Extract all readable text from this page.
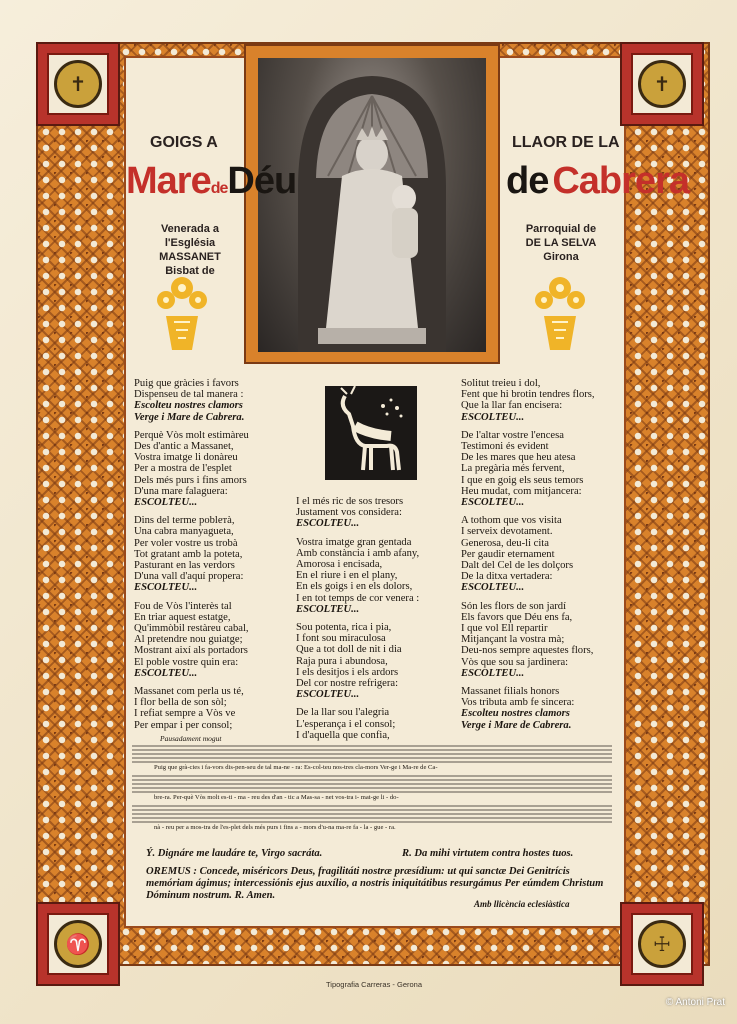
✝	✝
♈	☩
GOIGS A	LLAOR DE LA
MaredeDéu	de Cabrera
Venerada a l'Església
MASSANET
Bisbat de
Parroquial de
DE LA SELVA
Girona
Puig que gràcies i favors
Dispenseu de tal manera :
Escolteu nostres clamors
Verge i Mare de Cabrera.
Perquè Vòs molt estimàreu
Des d'antic a Massanet,
Vostra imatge li donàreu
Per a mostra de l'esplet
Dels més purs i fins amors
D'una mare falaguera:
ESCOLTEU...
Dins del terme poblетà,
Una cabra manyagueta,
Per voler vostre us trobà
Tot gratant amb la poteta,
Pasturant en las verdors
D'una vall d'aquí propera:
ESCOLTEU...
Fou de Vòs l'interès tal
En triar aquest estatge,
Qu'immòbil restàreu cabal,
Al pretendre nou guiatge;
Mostrant així als portadors
El poble vostre quin era:
ESCOLTEU...
Massanet com perla us té,
I flor bella de son sòl;
I refiat sempre a Vòs ve
Per empar i per consol;
I el més ric de sos tresors
Justament vos considera:
ESCOLTEU...
Vostra imatge gran gentada
Amb constància i amb afany,
Amorosa i encisada,
En el riure i en el plany,
En els goigs i en els dolors,
I en tot temps de cor venera :
ESCOLTEU...
Sou potenta, rica i pia,
I font sou miraculosa
Que a tot doll de nit i dia
Raja pura i abundosa,
I els desitjos i els ardors
Del cor nostre refrigera:
ESCOLTEU...
De la llar sou l'alegria
L'esperança i el consol;
I d'aquella que confia,
Solitut treieu i dol,
Fent que hi brotin tendres flors,
Que la llar fan encisera:
ESCOLTEU...
De l'altar vostre l'encesa
Testimoni és evident
De les mares que heu atesa
La pregària més fervent,
I que en goig els seus temors
Heu mudat, com mitjancera:
ESCOLTEU...
A tothom que vos visita
I serveix devotament.
Generosa, deu-li cita
Per gaudir eternament
Dalt del Cel de les dolçors
De la ditxa vertadera:
ESCOLTEU...
Són les flors de son jardí
Els favors que Déu ens fa,
I que vol Ell repartir
Mitjançant la vostra mà;
Deu-nos sempre aquestes flors,
Vòs que sou sa jardinera:
ESCOLTEU...
Massanet filials honors
Vos tributa amb fe sincera:
Escolteu nostres clamors
Verge i Mare de Cabrera.
Pausadament mogut
Puig que grà-cies i fa-vors dis-pen-seu de tal ma-ne - ra: Es-col-teu nos-tres cla-mors Ver-ge i Ma-re de Ca-
bre-ra. Per-què Vòs molt es-ti - ma - reu des d'an - tic a Mas-sa - net vos-tra i- mat-ge li - do-
nà - reu per a mos-tra de l'es-plet dels més purs i fins a - mors d'u-na ma-re fa - la - gue - ra.
Ý. Dignáre me laudáre te, Virgo sacráta.	R. Da mihi virtutem contra hostes tuos.
OREMUS : Concede, miséricors Deus, fragilitáti nostræ præsídium: ut qui sanctæ Dei Genitrícis memóriam ágimus; intercessiónis ejus auxílio, a nostris iniquitátibus resurgámus Per eúmdem Christum Dóminum nostrum. R. Amen.
Amb llicència eclesiàstica
Tipografia Carreras - Gerona
© Antoni Prat
